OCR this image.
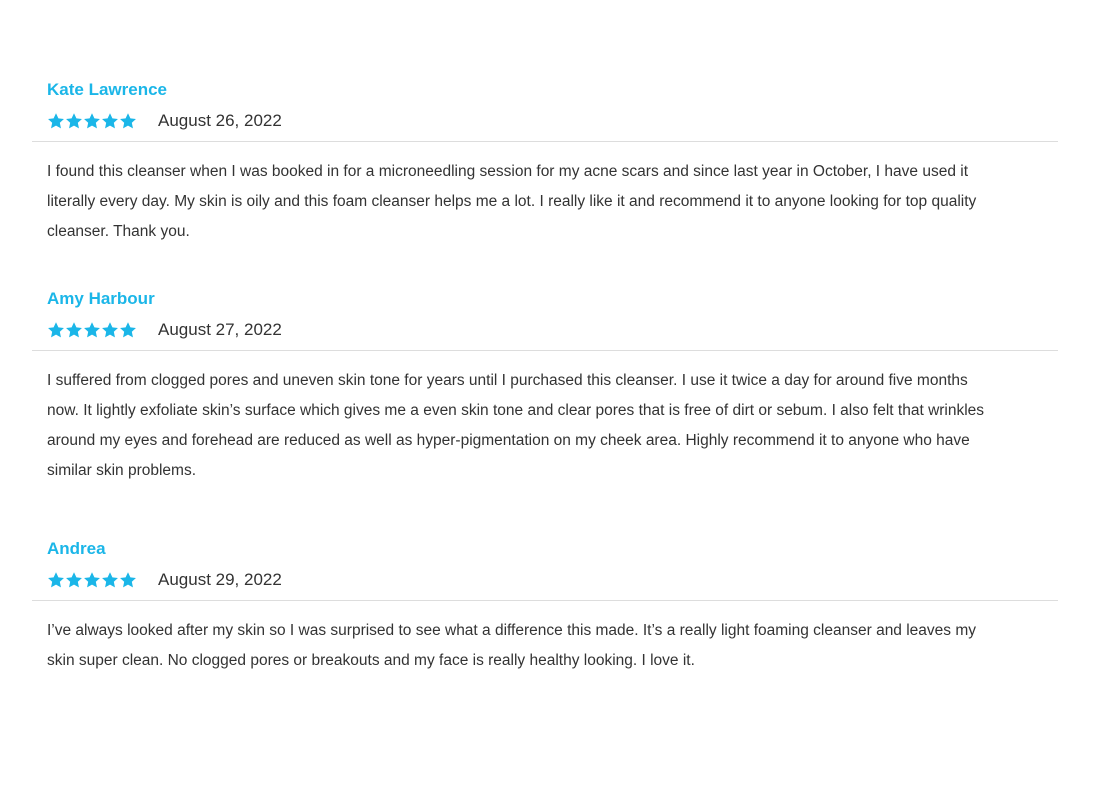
Kate Lawrence
August 26, 2022

I found this cleanser when I was booked in for a microneedling session for my acne scars and since last year in October, I have used it literally every day. My skin is oily and this foam cleanser helps me a lot. I really like it and recommend it to anyone looking for top quality cleanser. Thank you.

Amy Harbour
August 27, 2022

I suffered from clogged pores and uneven skin tone for years until I purchased this cleanser. I use it twice a day for around five months now. It lightly exfoliate skin’s surface which gives me a even skin tone and clear pores that is free of dirt or sebum. I also felt that wrinkles around my eyes and forehead are reduced as well as hyper-pigmentation on my cheek area. Highly recommend it to anyone who have similar skin problems.

Andrea
August 29, 2022

I’ve always looked after my skin so I was surprised to see what a difference this made. It’s a really light foaming cleanser and leaves my skin super clean. No clogged pores or breakouts and my face is really healthy looking. I love it.
